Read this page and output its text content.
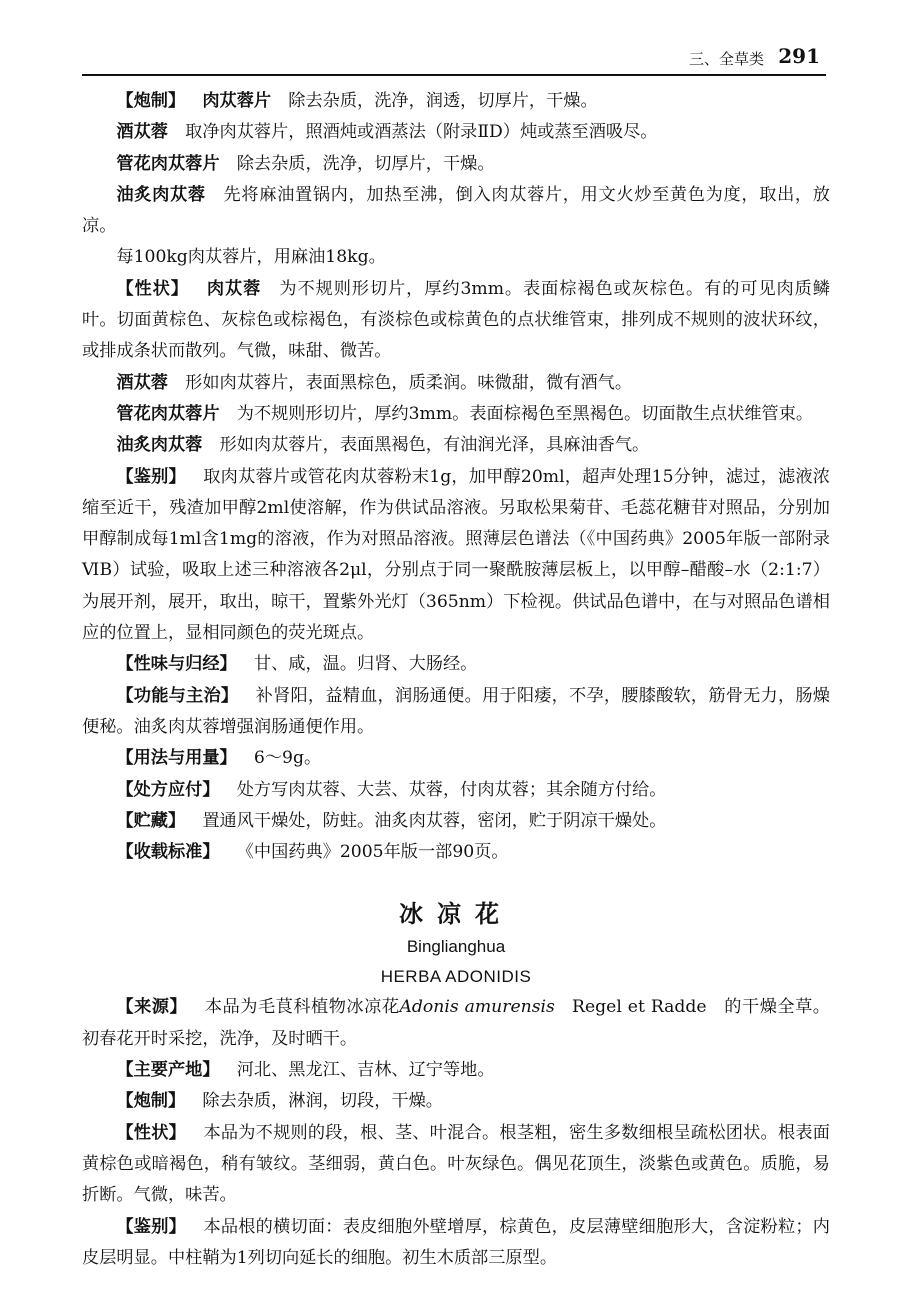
三、全草类 291

【炮制】 肉苁蓉片 除去杂质，洗净，润透，切厚片，干燥。

酒苁蓉 取净肉苁蓉片，照酒炖或酒蒸法（附录ⅡD）炖或蒸至酒吸尽。

管花肉苁蓉片 除去杂质，洗净，切厚片，干燥。

油炙肉苁蓉 先将麻油置锅内，加热至沸，倒入肉苁蓉片，用文火炒至黄色为度，取出，放凉。

每100kg肉苁蓉片，用麻油18kg。

【性状】 肉苁蓉 为不规则形切片，厚约3mm。表面棕褐色或灰棕色。有的可见肉质鳞叶。切面黄棕色、灰棕色或棕褐色，有淡棕色或棕黄色的点状维管束，排列成不规则的波状环纹，或排成条状而散列。气微，味甜、微苦。

酒苁蓉 形如肉苁蓉片，表面黑棕色，质柔润。味微甜，微有酒气。

管花肉苁蓉片 为不规则形切片，厚约3mm。表面棕褐色至黑褐色。切面散生点状维管束。

油炙肉苁蓉 形如肉苁蓉片，表面黑褐色，有油润光泽，具麻油香气。

【鉴别】 取肉苁蓉片或管花肉苁蓉粉末1g，加甲醇20ml，超声处理15分钟，滤过，滤液浓缩至近干，残渣加甲醇2ml使溶解，作为供试品溶液。另取松果菊苷、毛蕊花糖苷对照品，分别加甲醇制成每1ml含1mg的溶液，作为对照品溶液。照薄层色谱法（《中国药典》2005年版一部附录ⅥB）试验，吸取上述三种溶液各2μl，分别点于同一聚酰胺薄层板上，以甲醇–醋酸–水（2:1:7）为展开剂，展开，取出，晾干，置紫外光灯（365nm）下检视。供试品色谱中，在与对照品色谱相应的位置上，显相同颜色的荧光斑点。

【性味与归经】 甘、咸，温。归肾、大肠经。

【功能与主治】 补肾阳，益精血，润肠通便。用于阳痿，不孕，腰膝酸软，筋骨无力，肠燥便秘。油炙肉苁蓉增强润肠通便作用。

【用法与用量】 6～9g。

【处方应付】 处方写肉苁蓉、大芸、苁蓉，付肉苁蓉；其余随方付给。

【贮藏】 置通风干燥处，防蛀。油炙肉苁蓉，密闭，贮于阴凉干燥处。

【收载标准】 《中国药典》2005年版一部90页。

冰凉花
Binglianghua
HERBA ADONIDIS

【来源】 本品为毛茛科植物冰凉花Adonis amurensis Regel et Radde 的干燥全草。初春花开时采挖，洗净，及时晒干。

【主要产地】 河北、黑龙江、吉林、辽宁等地。

【炮制】 除去杂质，淋润，切段，干燥。

【性状】 本品为不规则的段，根、茎、叶混合。根茎粗，密生多数细根呈疏松团状。根表面黄棕色或暗褐色，稍有皱纹。茎细弱，黄白色。叶灰绿色。偶见花顶生，淡紫色或黄色。质脆，易折断。气微，味苦。

【鉴别】 本品根的横切面：表皮细胞外壁增厚，棕黄色，皮层薄壁细胞形大，含淀粉粒；内皮层明显。中柱鞘为1列切向延长的细胞。初生木质部三原型。
